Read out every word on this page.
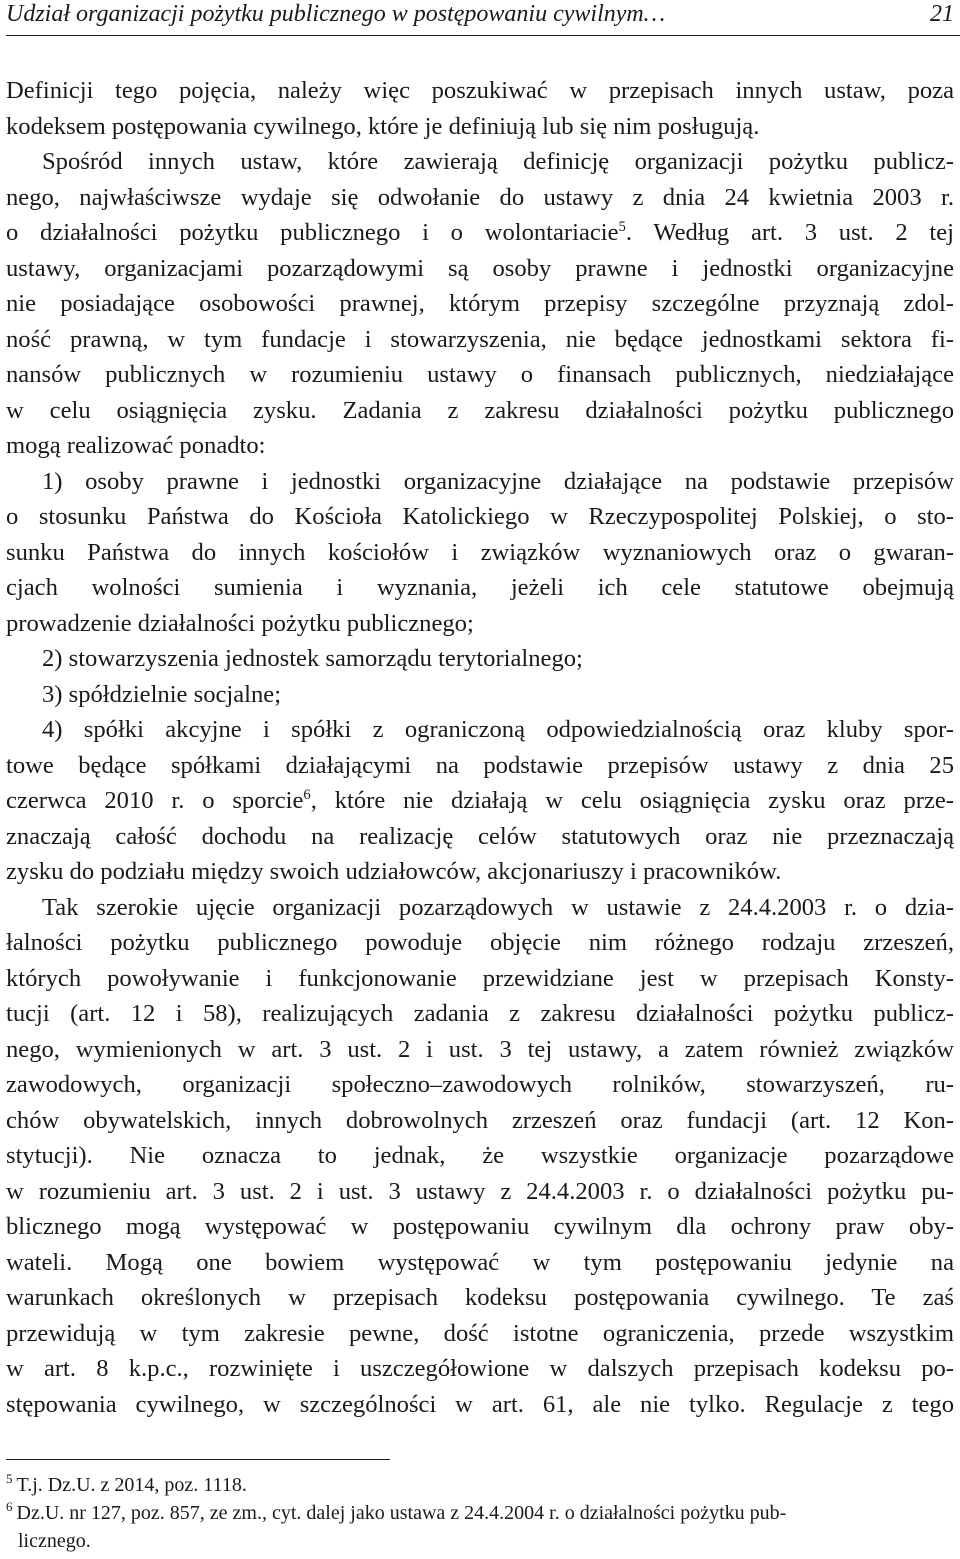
Udział organizacji pożytku publicznego w postępowaniu cywilnym…	21

Definicji tego pojęcia, należy więc poszukiwać w przepisach innych ustaw, poza
kodeksem postępowania cywilnego, które je definiują lub się nim posługują.

Spośród innych ustaw, które zawierają definicję organizacji pożytku publicz-
nego, najwłaściwsze wydaje się odwołanie do ustawy z dnia 24 kwietnia 2003 r.
o działalności pożytku publicznego i o wolontariacie$^5$. Według art. 3 ust. 2 tej
ustawy, organizacjami pozarządowymi są osoby prawne i jednostki organizacyjne
nie posiadające osobowości prawnej, którym przepisy szczególne przyznają zdol-
ność prawną, w tym fundacje i stowarzyszenia, nie będące jednostkami sektora fi-
nansów publicznych w rozumieniu ustawy o finansach publicznych, niedziałające
w celu osiągnięcia zysku. Zadania z zakresu działalności pożytku publicznego
mogą realizować ponadto:

1) osoby prawne i jednostki organizacyjne działające na podstawie przepisów
o stosunku Państwa do Kościoła Katolickiego w Rzeczypospolitej Polskiej, o sto-
sunku Państwa do innych kościołów i związków wyznaniowych oraz o gwaran-
cjach wolności sumienia i wyznania, jeżeli ich cele statutowe obejmują
prowadzenie działalności pożytku publicznego;

2) stowarzyszenia jednostek samorządu terytorialnego;

3) spółdzielnie socjalne;

4) spółki akcyjne i spółki z ograniczoną odpowiedzialnością oraz kluby spor-
towe będące spółkami działającymi na podstawie przepisów ustawy z dnia 25
czerwca 2010 r. o sporcie$^6$, które nie działają w celu osiągnięcia zysku oraz prze-
znaczają całość dochodu na realizację celów statutowych oraz nie przeznaczają
zysku do podziału między swoich udziałowców, akcjonariuszy i pracowników.

Tak szerokie ujęcie organizacji pozarządowych w ustawie z 24.4.2003 r. o dzia-
łalności pożytku publicznego powoduje objęcie nim różnego rodzaju zrzeszeń,
których powoływanie i funkcjonowanie przewidziane jest w przepisach Konsty-
tucji (art. 12 i 58), realizujących zadania z zakresu działalności pożytku publicz-
nego, wymienionych w art. 3 ust. 2 i ust. 3 tej ustawy, a zatem również związków
zawodowych, organizacji społeczno–zawodowych rolników, stowarzyszeń, ru-
chów obywatelskich, innych dobrowolnych zrzeszeń oraz fundacji (art. 12 Kon-
stytucji). Nie oznacza to jednak, że wszystkie organizacje pozarządowe
w rozumieniu art. 3 ust. 2 i ust. 3 ustawy z 24.4.2003 r. o działalności pożytku pu-
blicznego mogą występować w postępowaniu cywilnym dla ochrony praw oby-
wateli. Mogą one bowiem występować w tym postępowaniu jedynie na
warunkach określonych w przepisach kodeksu postępowania cywilnego. Te zaś
przewidują w tym zakresie pewne, dość istotne ograniczenia, przede wszystkim
w art. 8 k.p.c., rozwinięte i uszczegółowione w dalszych przepisach kodeksu po-
stępowania cywilnego, w szczególności w art. 61, ale nie tylko. Regulacje z tego

$^5$ T.j. Dz.U. z 2014, poz. 1118.

$^6$ Dz.U. nr 127, poz. 857, ze zm., cyt. dalej jako ustawa z 24.4.2004 r. o działalności pożytku pub-
licznego.
